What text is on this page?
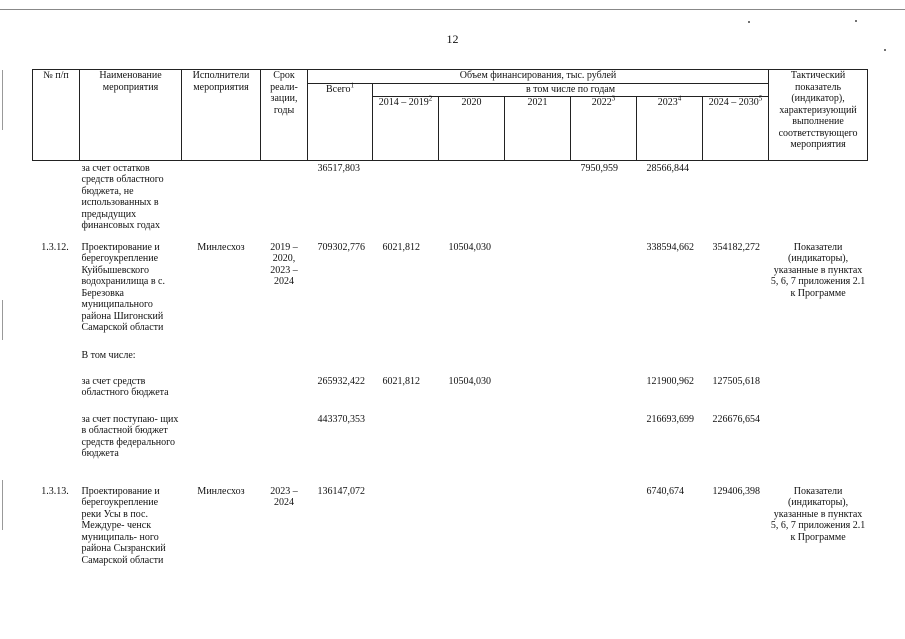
12
№ п/п	Наименование мероприятия	Исполнители мероприятия	Срок реали- зации, годы	Объем финансирования, тыс. рублей							Тактический показатель (индикатор), характеризующий выполнение соответствующего мероприятия
				Всего$^1$	в том числе по годам						
					2014 – 2019$^2$	2020	2021	2022$^3$	2023$^4$	2024 – 2030$^5$
	за счет остатков средств областного бюджета, не использованных в предыдущих финансовых годах			36517,803				7950,959	28566,844		
1.3.12.	Проектирование и берегоукрепление Куйбышевского водохранилища в с. Березовка муниципального района Шигонский Самарской области	Минлесхоз	2019 – 2020, 2023 – 2024	709302,776	6021,812	10504,030			338594,662	354182,272	Показатели (индикаторы), указанные в пунктах 5, 6, 7 приложения 2.1 к Программе
	В том числе:										
	за счет средств областного бюджета			265932,422	6021,812	10504,030			121900,962	127505,618	
	за счет поступаю- щих в областной бюджет средств федерального бюджета			443370,353					216693,699	226676,654	
1.3.13.	Проектирование и берегоукрепление реки Усы в пос. Междуре- ченск муниципаль- ного района Сызранский Самарской области	Минлесхоз	2023 – 2024	136147,072					6740,674	129406,398	Показатели (индикаторы), указанные в пунктах 5, 6, 7 приложения 2.1 к Программе
